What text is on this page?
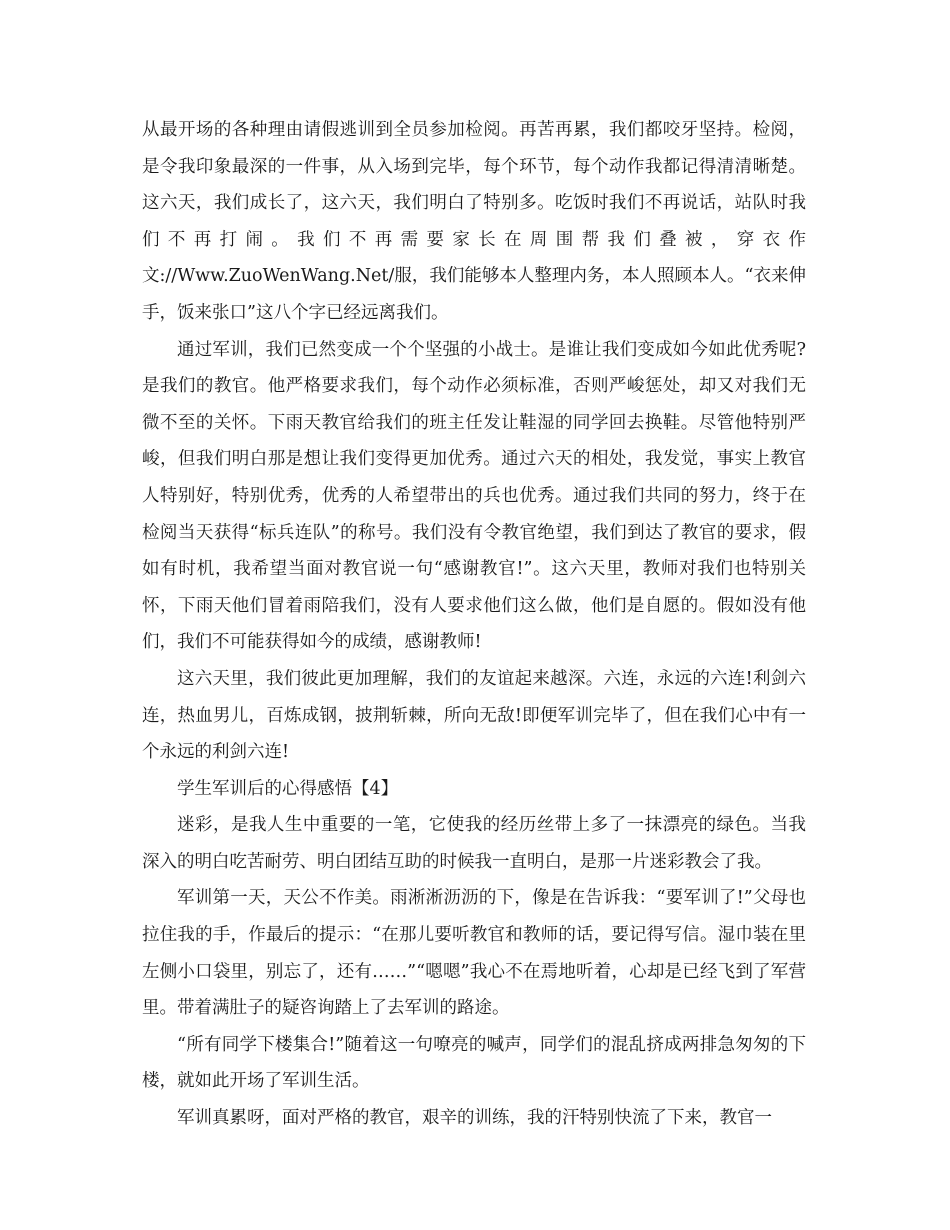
从最开场的各种理由请假逃训到全员参加检阅。再苦再累，我们都咬牙坚持。检阅，是令我印象最深的一件事，从入场到完毕，每个环节，每个动作我都记得清清晰楚。这六天，我们成长了，这六天，我们明白了特别多。吃饭时我们不再说话，站队时我们不再打闹。我们不再需要家长在周围帮我们叠被，穿衣作文://Www.ZuoWenWang.Net/服，我们能够本人整理内务，本人照顾本人。“衣来伸手，饭来张口”这八个字已经远离我们。

通过军训，我们已然变成一个个坚强的小战士。是谁让我们变成如今如此优秀呢?是我们的教官。他严格要求我们，每个动作必须标准，否则严峻惩处，却又对我们无微不至的关怀。下雨天教官给我们的班主任发让鞋湿的同学回去换鞋。尽管他特别严峻，但我们明白那是想让我们变得更加优秀。通过六天的相处，我发觉，事实上教官人特别好，特别优秀，优秀的人希望带出的兵也优秀。通过我们共同的努力，终于在检阅当天获得“标兵连队”的称号。我们没有令教官绝望，我们到达了教官的要求，假如有时机，我希望当面对教官说一句“感谢教官!”。这六天里，教师对我们也特别关怀，下雨天他们冒着雨陪我们，没有人要求他们这么做，他们是自愿的。假如没有他们，我们不可能获得如今的成绩，感谢教师!

这六天里，我们彼此更加理解，我们的友谊起来越深。六连，永远的六连!利剑六连，热血男儿，百炼成钢，披荆斩棘，所向无敌!即便军训完毕了，但在我们心中有一个永远的利剑六连!

学生军训后的心得感悟【4】

迷彩，是我人生中重要的一笔，它使我的经历丝带上多了一抹漂亮的绿色。当我深入的明白吃苦耐劳、明白团结互助的时候我一直明白，是那一片迷彩教会了我。

军训第一天，天公不作美。雨淅淅沥沥的下，像是在告诉我：“要军训了!”父母也拉住我的手，作最后的提示：“在那儿要听教官和教师的话，要记得写信。湿巾装在里左侧小口袋里，别忘了，还有……”“嗯嗯”我心不在焉地听着，心却是已经飞到了军营里。带着满肚子的疑咨询踏上了去军训的路途。

“所有同学下楼集合!”随着这一句嘹亮的喊声，同学们的混乱挤成两排急匆匆的下楼，就如此开场了军训生活。

军训真累呀，面对严格的教官，艰辛的训练，我的汗特别快流了下来，教官一
